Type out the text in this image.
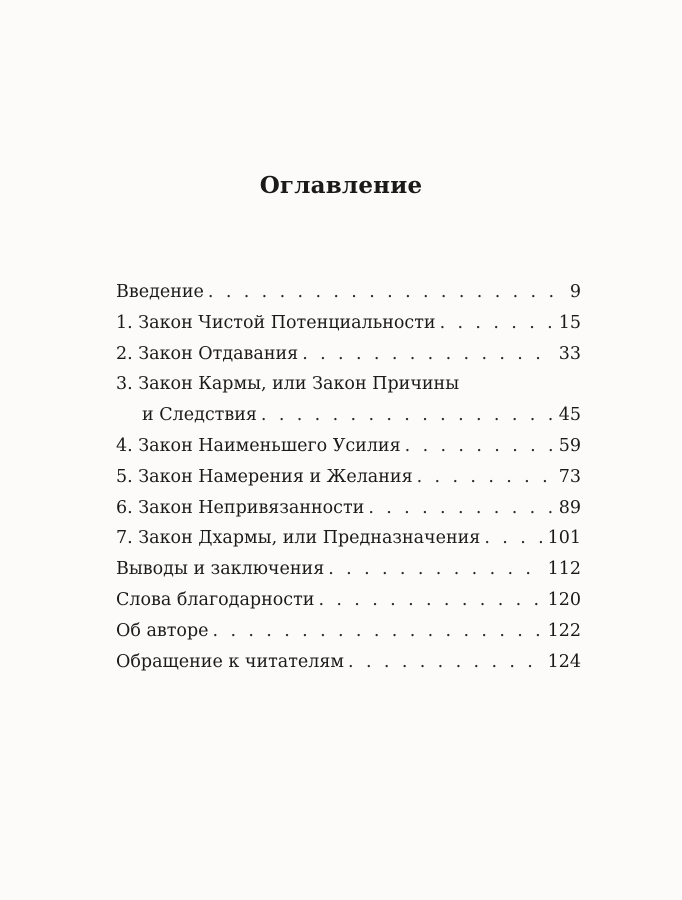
Оглавление
Введение . . .	9
1. Закон Чистой Потенциальности . . .	15
2. Закон Отдавания . . .	33
3. Закон Кармы, или Закон Причины
и Следствия . . .	45
4. Закон Наименьшего Усилия . . .	59
5. Закон Намерения и Желания . . .	73
6. Закон Непривязанности . . .	89
7. Закон Дхармы, или Предназначения . . .	101
Выводы и заключения . . .	112
Слова благодарности . . .	120
Об авторе . . .	122
Обращение к читателям . . .	124
